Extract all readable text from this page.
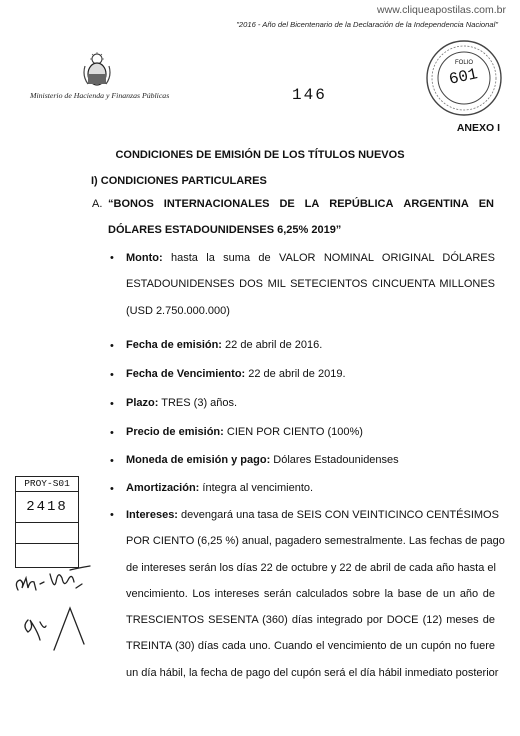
www.cliqueapostilas.com.br
"2016 - Año del Bicentenario de la Declaración de la Independencia Nacional"
Ministerio de Hacienda y Finanzas Públicas	146
FOLIO
601
ANEXO I
CONDICIONES DE EMISIÓN DE LOS TÍTULOS NUEVOS
I) CONDICIONES PARTICULARES
A. “BONOS INTERNACIONALES DE LA REPÚBLICA ARGENTINA EN
DÓLARES ESTADOUNIDENSES 6,25% 2019”
• Monto: hasta la suma de VALOR NOMINAL ORIGINAL DÓLARES
ESTADOUNIDENSES DOS MIL SETECIENTOS CINCUENTA MILLONES
(USD 2.750.000.000)
• Fecha de emisión: 22 de abril de 2016.
• Fecha de Vencimiento: 22 de abril de 2019.
• Plazo: TRES (3) años.
• Precio de emisión: CIEN POR CIENTO (100%)
• Moneda de emisión y pago: Dólares Estadounidenses
• Amortización: íntegra al vencimiento.
• Intereses: devengará una tasa de SEIS CON VEINTICINCO CENTÉSIMOS
POR CIENTO (6,25 %) anual, pagadero semestralmente. Las fechas de pago
de intereses serán los días 22 de octubre y 22 de abril de cada año hasta el
vencimiento. Los intereses serán calculados sobre la base de un año de
TRESCIENTOS SESENTA (360) días integrado por DOCE (12) meses de
TREINTA (30) días cada uno. Cuando el vencimiento de un cupón no fuere
un día hábil, la fecha de pago del cupón será el día hábil inmediato posterior
PROY-S01
2418
